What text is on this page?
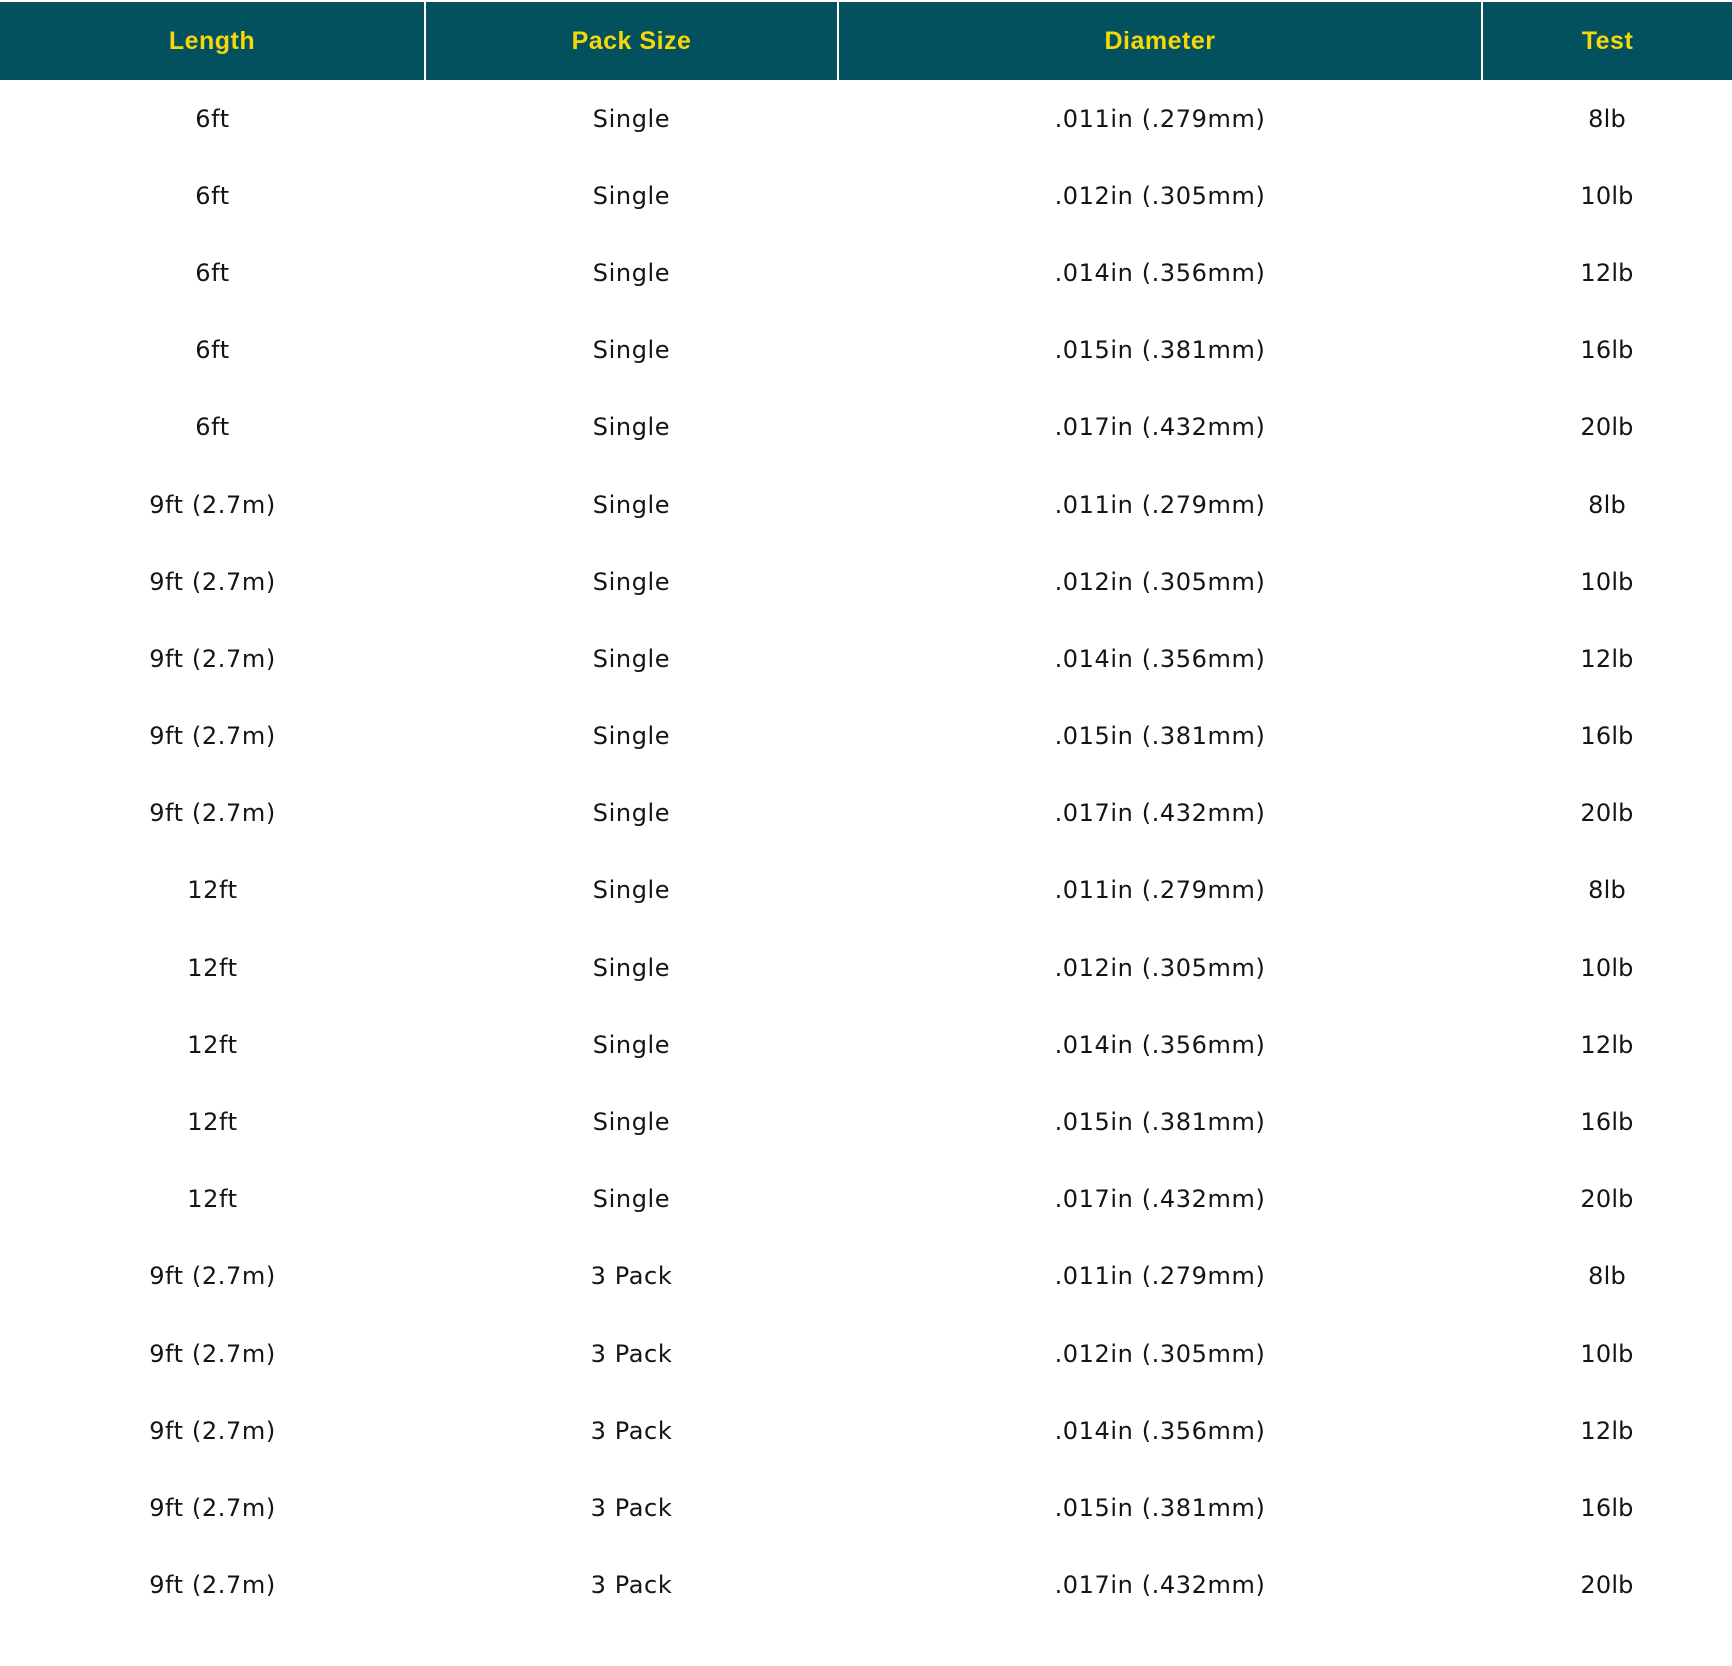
Length	Pack Size	Diameter	Test
6ft	Single	.011in (.279mm)	8lb
6ft	Single	.012in (.305mm)	10lb
6ft	Single	.014in (.356mm)	12lb
6ft	Single	.015in (.381mm)	16lb
6ft	Single	.017in (.432mm)	20lb
9ft (2.7m)	Single	.011in (.279mm)	8lb
9ft (2.7m)	Single	.012in (.305mm)	10lb
9ft (2.7m)	Single	.014in (.356mm)	12lb
9ft (2.7m)	Single	.015in (.381mm)	16lb
9ft (2.7m)	Single	.017in (.432mm)	20lb
12ft	Single	.011in (.279mm)	8lb
12ft	Single	.012in (.305mm)	10lb
12ft	Single	.014in (.356mm)	12lb
12ft	Single	.015in (.381mm)	16lb
12ft	Single	.017in (.432mm)	20lb
9ft (2.7m)	3 Pack	.011in (.279mm)	8lb
9ft (2.7m)	3 Pack	.012in (.305mm)	10lb
9ft (2.7m)	3 Pack	.014in (.356mm)	12lb
9ft (2.7m)	3 Pack	.015in (.381mm)	16lb
9ft (2.7m)	3 Pack	.017in (.432mm)	20lb
